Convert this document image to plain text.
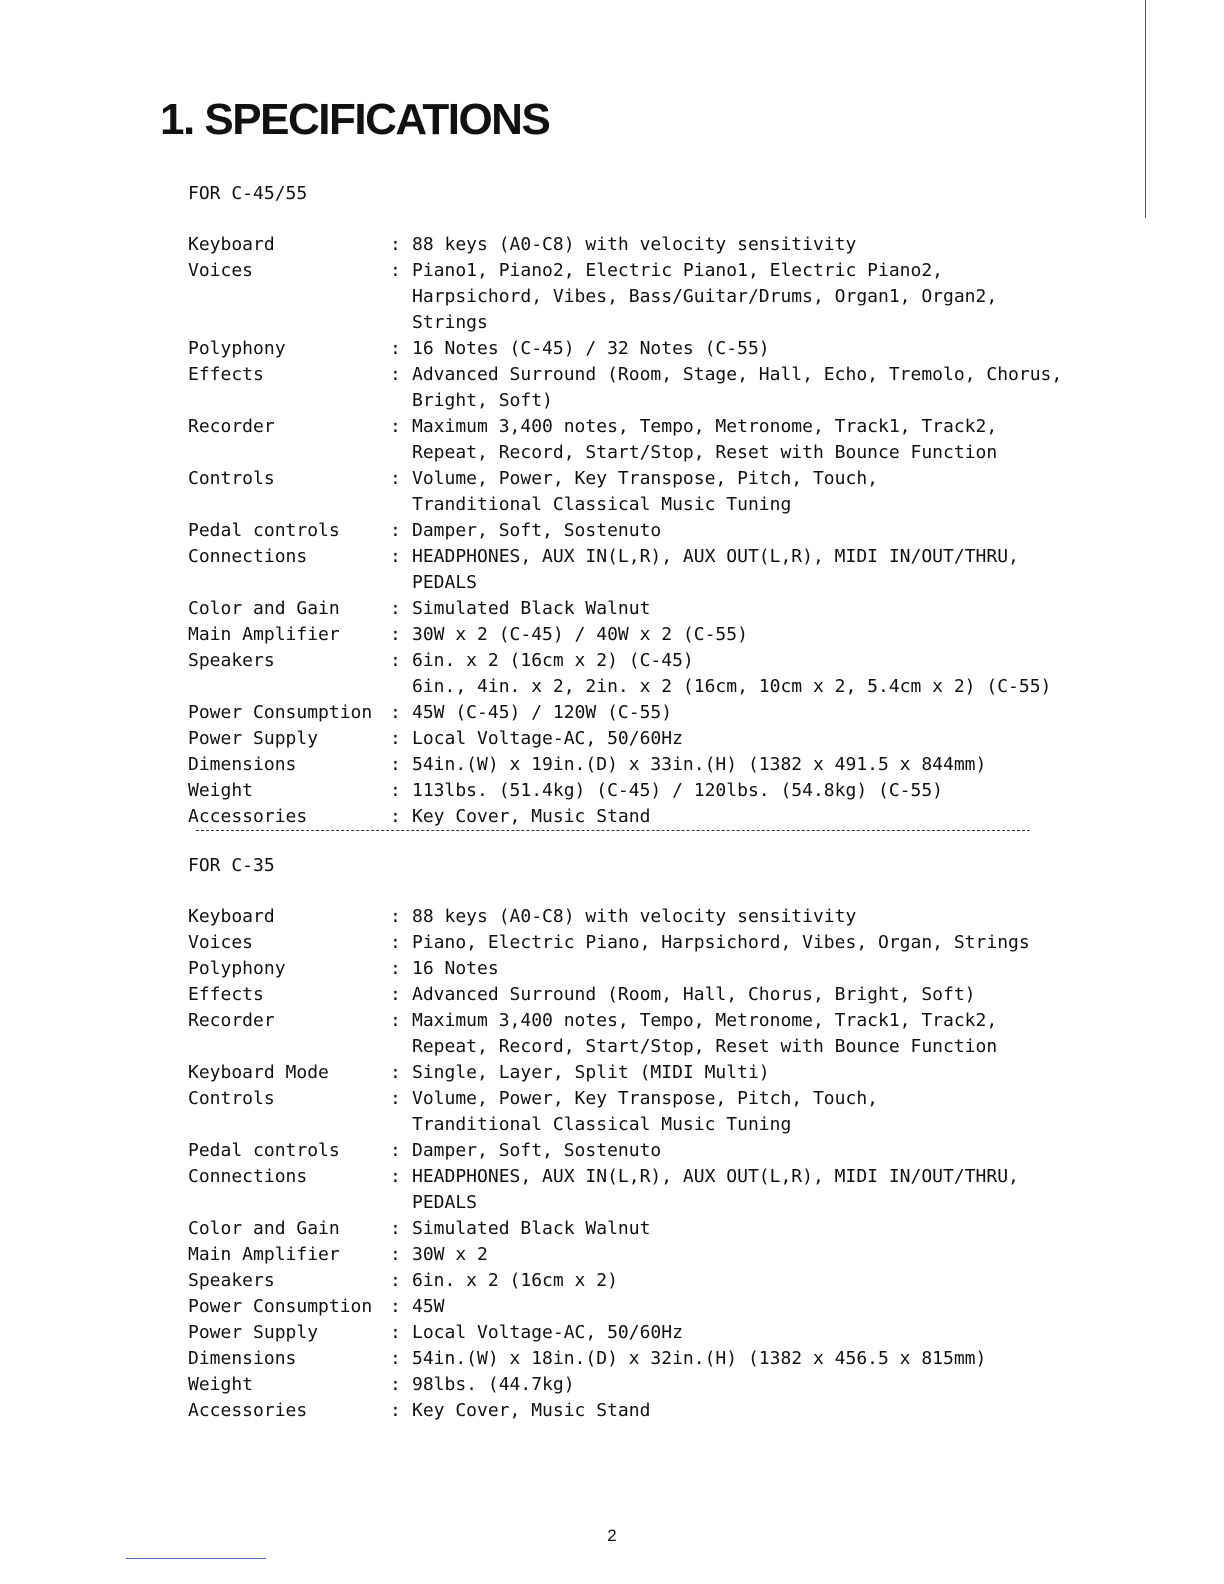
1. SPECIFICATIONS
FOR C-45/55
Keyboard	: 88 keys (A0-C8) with velocity sensitivity
Voices	: Piano1, Piano2, Electric Piano1, Electric Piano2,
Harpsichord, Vibes, Bass/Guitar/Drums, Organ1, Organ2,
Strings
Polyphony	: 16 Notes (C-45) / 32 Notes (C-55)
Effects	: Advanced Surround (Room, Stage, Hall, Echo, Tremolo, Chorus,
Bright, Soft)
Recorder	: Maximum 3,400 notes, Tempo, Metronome, Track1, Track2,
Repeat, Record, Start/Stop, Reset with Bounce Function
Controls	: Volume, Power, Key Transpose, Pitch, Touch,
Tranditional Classical Music Tuning
Pedal controls	: Damper, Soft, Sostenuto
Connections	: HEADPHONES, AUX IN(L,R), AUX OUT(L,R), MIDI IN/OUT/THRU,
PEDALS
Color and Gain	: Simulated Black Walnut
Main Amplifier	: 30W x 2 (C-45) / 40W x 2 (C-55)
Speakers	: 6in. x 2 (16cm x 2) (C-45)
6in., 4in. x 2, 2in. x 2 (16cm, 10cm x 2, 5.4cm x 2) (C-55)
Power Consumption : 45W (C-45) / 120W (C-55)
Power Supply	: Local Voltage-AC, 50/60Hz
Dimensions	: 54in.(W) x 19in.(D) x 33in.(H) (1382 x 491.5 x 844mm)
Weight	: 113lbs. (51.4kg) (C-45) / 120lbs. (54.8kg) (C-55)
Accessories	: Key Cover, Music Stand
FOR C-35
Keyboard	: 88 keys (A0-C8) with velocity sensitivity
Voices	: Piano, Electric Piano, Harpsichord, Vibes, Organ, Strings
Polyphony	: 16 Notes
Effects	: Advanced Surround (Room, Hall, Chorus, Bright, Soft)
Recorder	: Maximum 3,400 notes, Tempo, Metronome, Track1, Track2,
Repeat, Record, Start/Stop, Reset with Bounce Function
Keyboard Mode	: Single, Layer, Split (MIDI Multi)
Controls	: Volume, Power, Key Transpose, Pitch, Touch,
Tranditional Classical Music Tuning
Pedal controls	: Damper, Soft, Sostenuto
Connections	: HEADPHONES, AUX IN(L,R), AUX OUT(L,R), MIDI IN/OUT/THRU,
PEDALS
Color and Gain	: Simulated Black Walnut
Main Amplifier	: 30W x 2
Speakers	: 6in. x 2 (16cm x 2)
Power Consumption : 45W
Power Supply	: Local Voltage-AC, 50/60Hz
Dimensions	: 54in.(W) x 18in.(D) x 32in.(H) (1382 x 456.5 x 815mm)
Weight	: 98lbs. (44.7kg)
Accessories	: Key Cover, Music Stand
2
